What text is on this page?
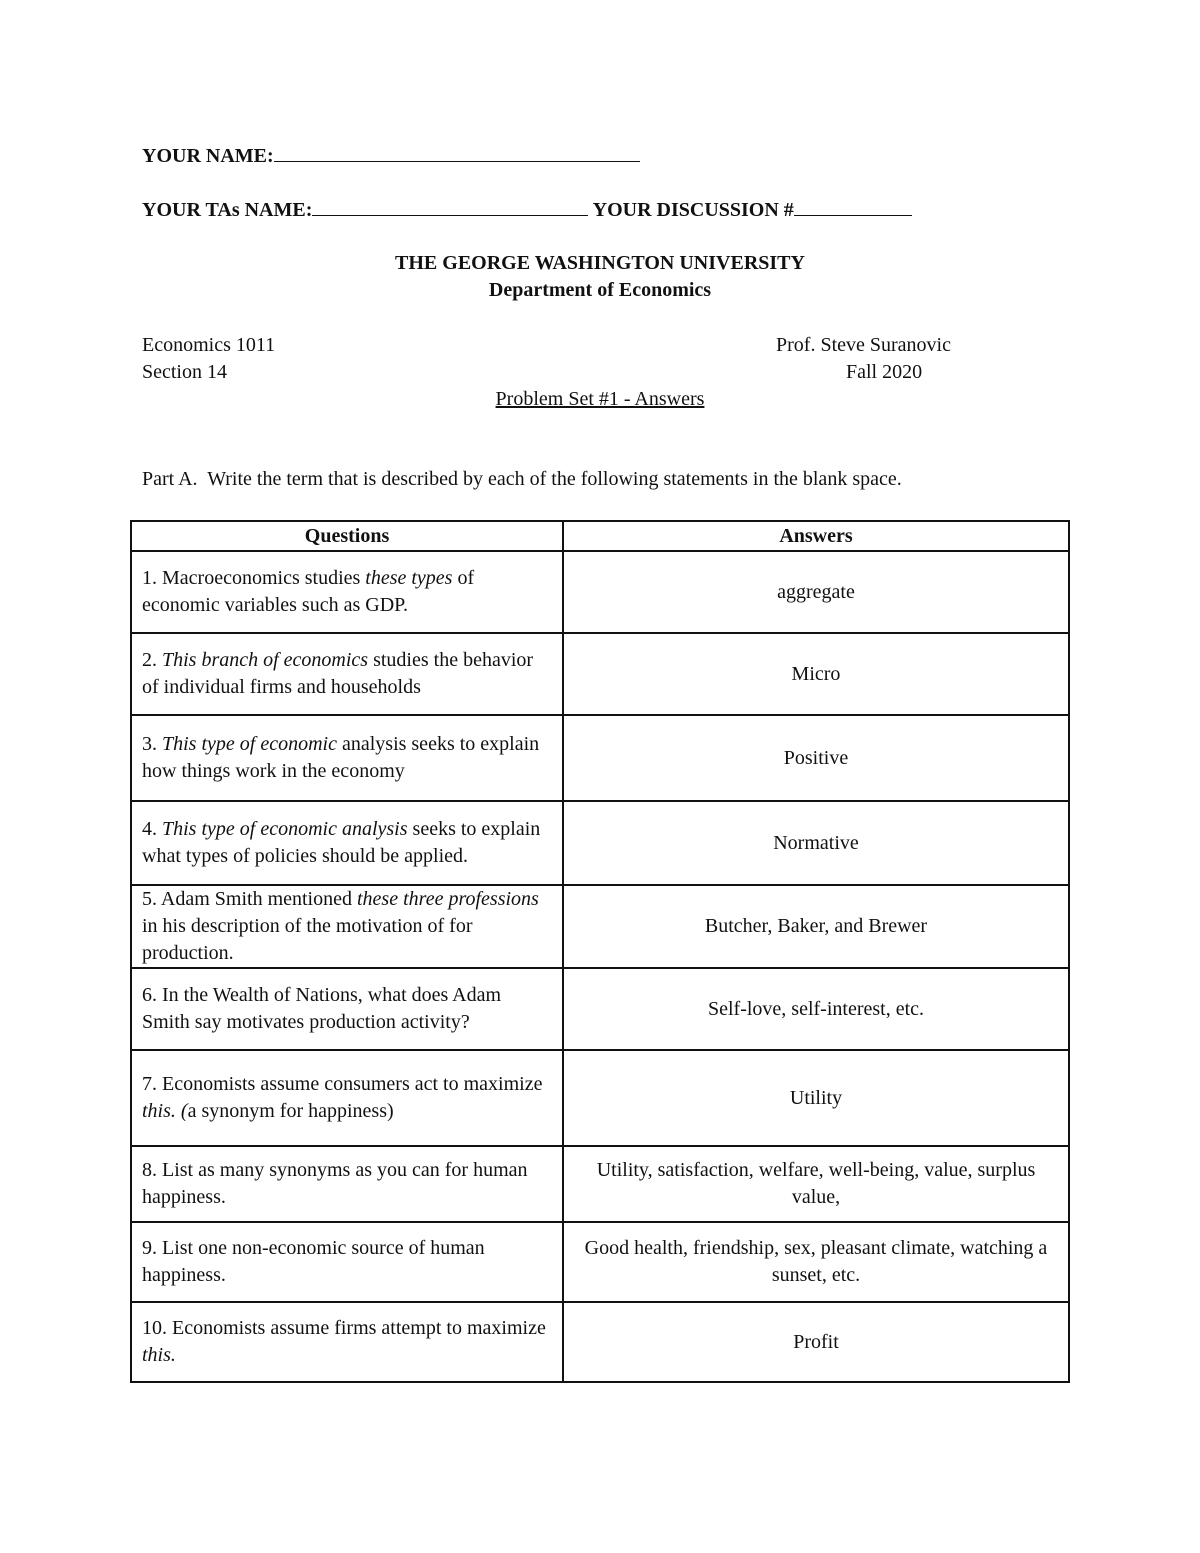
YOUR NAME:
YOUR TAs NAME:	YOUR DISCUSSION #
THE GEORGE WASHINGTON UNIVERSITY
Department of Economics
Economics 1011
Section 14
Prof. Steve Suranovic
Fall 2020
Problem Set #1 - Answers
Part A.  Write the term that is described by each of the following statements in the blank space.
Questions	Answers
1. Macroeconomics studies these types of economic variables such as GDP.	aggregate
2. This branch of economics studies the behavior of individual firms and households	Micro
3. This type of economic analysis seeks to explain how things work in the economy	Positive
4. This type of economic analysis seeks to explain what types of policies should be applied.	Normative
5. Adam Smith mentioned these three professions in his description of the motivation of for production.	Butcher, Baker, and Brewer
6. In the Wealth of Nations, what does Adam Smith say motivates production activity?	Self-love, self-interest, etc.
7. Economists assume consumers act to maximize this. (a synonym for happiness)	Utility
8. List as many synonyms as you can for human happiness.	Utility, satisfaction, welfare, well-being, value, surplus value,
9. List one non-economic source of human happiness.	Good health, friendship, sex, pleasant climate, watching a sunset, etc.
10. Economists assume firms attempt to maximize this.	Profit
